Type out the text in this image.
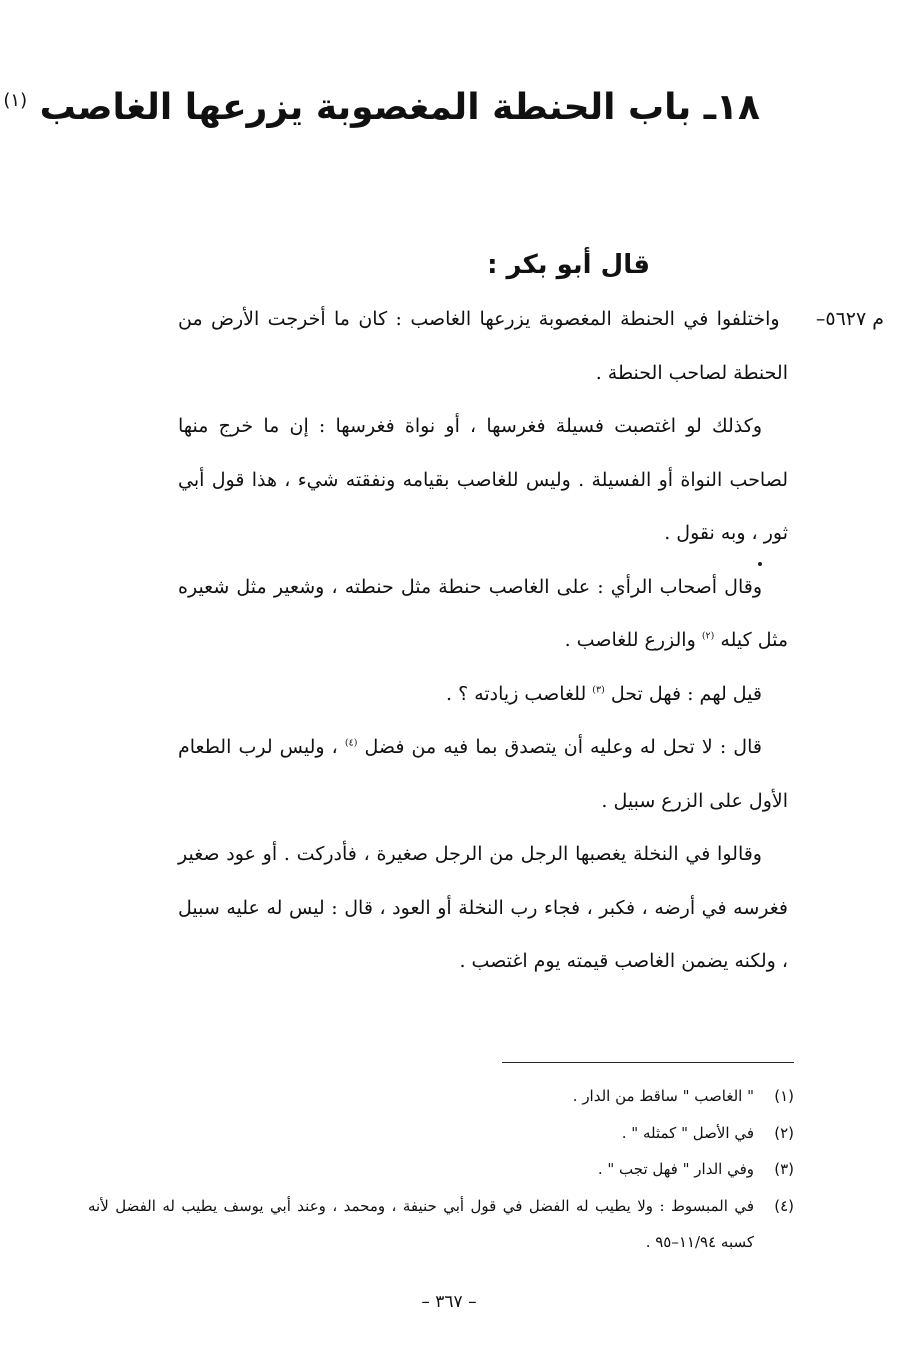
١٨ـ باب الحنطة المغصوبة يزرعها الغاصب $^{(١)}$
قال أبو بكر :

م ٥٦٢٧– واختلفوا في الحنطة المغصوبة يزرعها الغاصب : كان ما أخرجت الأرض من الحنطة لصاحب الحنطة .

وكذلك لو اغتصبت فسيلة فغرسها ، أو نواة فغرسها : إن ما خرج منها لصاحب النواة أو الفسيلة . وليس للغاصب بقيامه ونفقته شيء ، هذا قول أبي ثور ، وبه نقول .

وقال أصحاب الرأي : على الغاصب حنطة مثل حنطته ، وشعير مثل شعيره مثل كيله $^{(٢)}$ والزرع للغاصب .

قيل لهم : فهل تحل $^{(٣)}$ للغاصب زيادته ؟ .

قال : لا تحل له وعليه أن يتصدق بما فيه من فضل $^{(٤)}$ ، وليس لرب الطعام الأول على الزرع سبيل .

وقالوا في النخلة يغصبها الرجل من الرجل صغيرة ، فأدركت . أو عود صغير فغرسه في أرضه ، فكبر ، فجاء رب النخلة أو العود ، قال : ليس له عليه سبيل ، ولكنه يضمن الغاصب قيمته يوم اغتصب .

(١)
" الغاصب " ساقط من الدار .
(٢)
في الأصل " كمثله " .
(٣)
وفي الدار " فهل تجب " .
(٤)
في المبسوط : ولا يطيب له الفضل في قول أبي حنيفة ، ومحمد ، وعند أبي يوسف يطيب له الفضل لأنه كسبه ١١/٩٤–٩٥ .
– ٣٦٧ –
